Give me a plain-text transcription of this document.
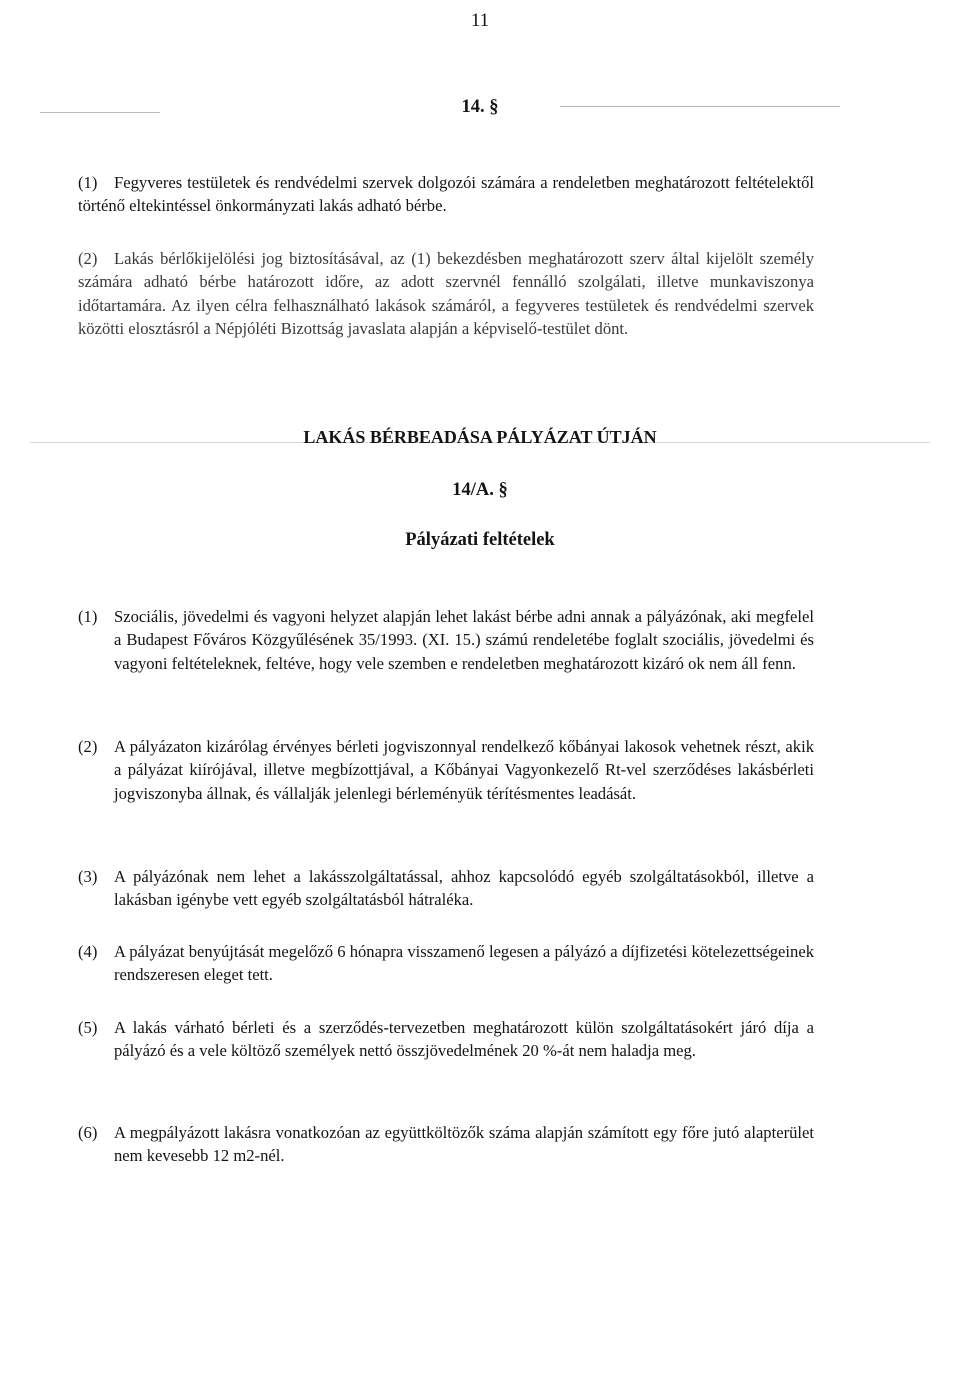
11
14. §
(1)	Fegyveres testületek és rendvédelmi szervek dolgozói számára a rendeletben meghatározott feltételektől történő eltekintéssel önkormányzati lakás adható bérbe.
(2)	Lakás bérlőkijelölési jog biztosításával, az (1) bekezdésben meghatározott szerv által kijelölt személy számára adható bérbe határozott időre, az adott szervnél fennálló szolgálati, illetve munkaviszonya időtartamára. Az ilyen célra felhasználható lakások számáról, a fegyveres testületek és rendvédelmi szervek közötti elosztásról a Népjóléti Bizottság javaslata alapján a képviselő-testület dönt.
LAKÁS BÉRBEADÁSA PÁLYÁZAT ÚTJÁN
14/A. §
Pályázati feltételek
(1) Szociális, jövedelmi és vagyoni helyzet alapján lehet lakást bérbe adni annak a pályázónak, aki megfelel a Budapest Főváros Közgyűlésének 35/1993. (XI. 15.) számú rendeletébe foglalt szociális, jövedelmi és vagyoni feltételeknek, feltéve, hogy vele szemben e rendeletben meghatározott kizáró ok nem áll fenn.
(2) A pályázaton kizárólag érvényes bérleti jogviszonnyal rendelkező kőbányai lakosok vehetnek részt, akik a pályázat kiírójával, illetve megbízottjával, a Kőbányai Vagyonkezelő Rt-vel szerződéses lakásbérleti jogviszonyba állnak, és vállalják jelenlegi bérleményük térítésmentes leadását.
(3) A pályázónak nem lehet a lakásszolgáltatással, ahhoz kapcsolódó egyéb szolgáltatásokból, illetve a lakásban igénybe vett egyéb szolgáltatásból hátraléka.
(4) A pályázat benyújtását megelőző 6 hónapra visszamenő legesen a pályázó a díjfizetési kötelezettségeinek rendszeresen eleget tett.
(5) A lakás várható bérleti és a szerződés-tervezetben meghatározott külön szolgáltatásokért járó díja a pályázó és a vele költöző személyek nettó összjövedelmének 20 %-át nem haladja meg.
(6) A megpályázott lakásra vonatkozóan az együttköltözők száma alapján számított egy főre jutó alapterület nem kevesebb 12 m2-nél.
